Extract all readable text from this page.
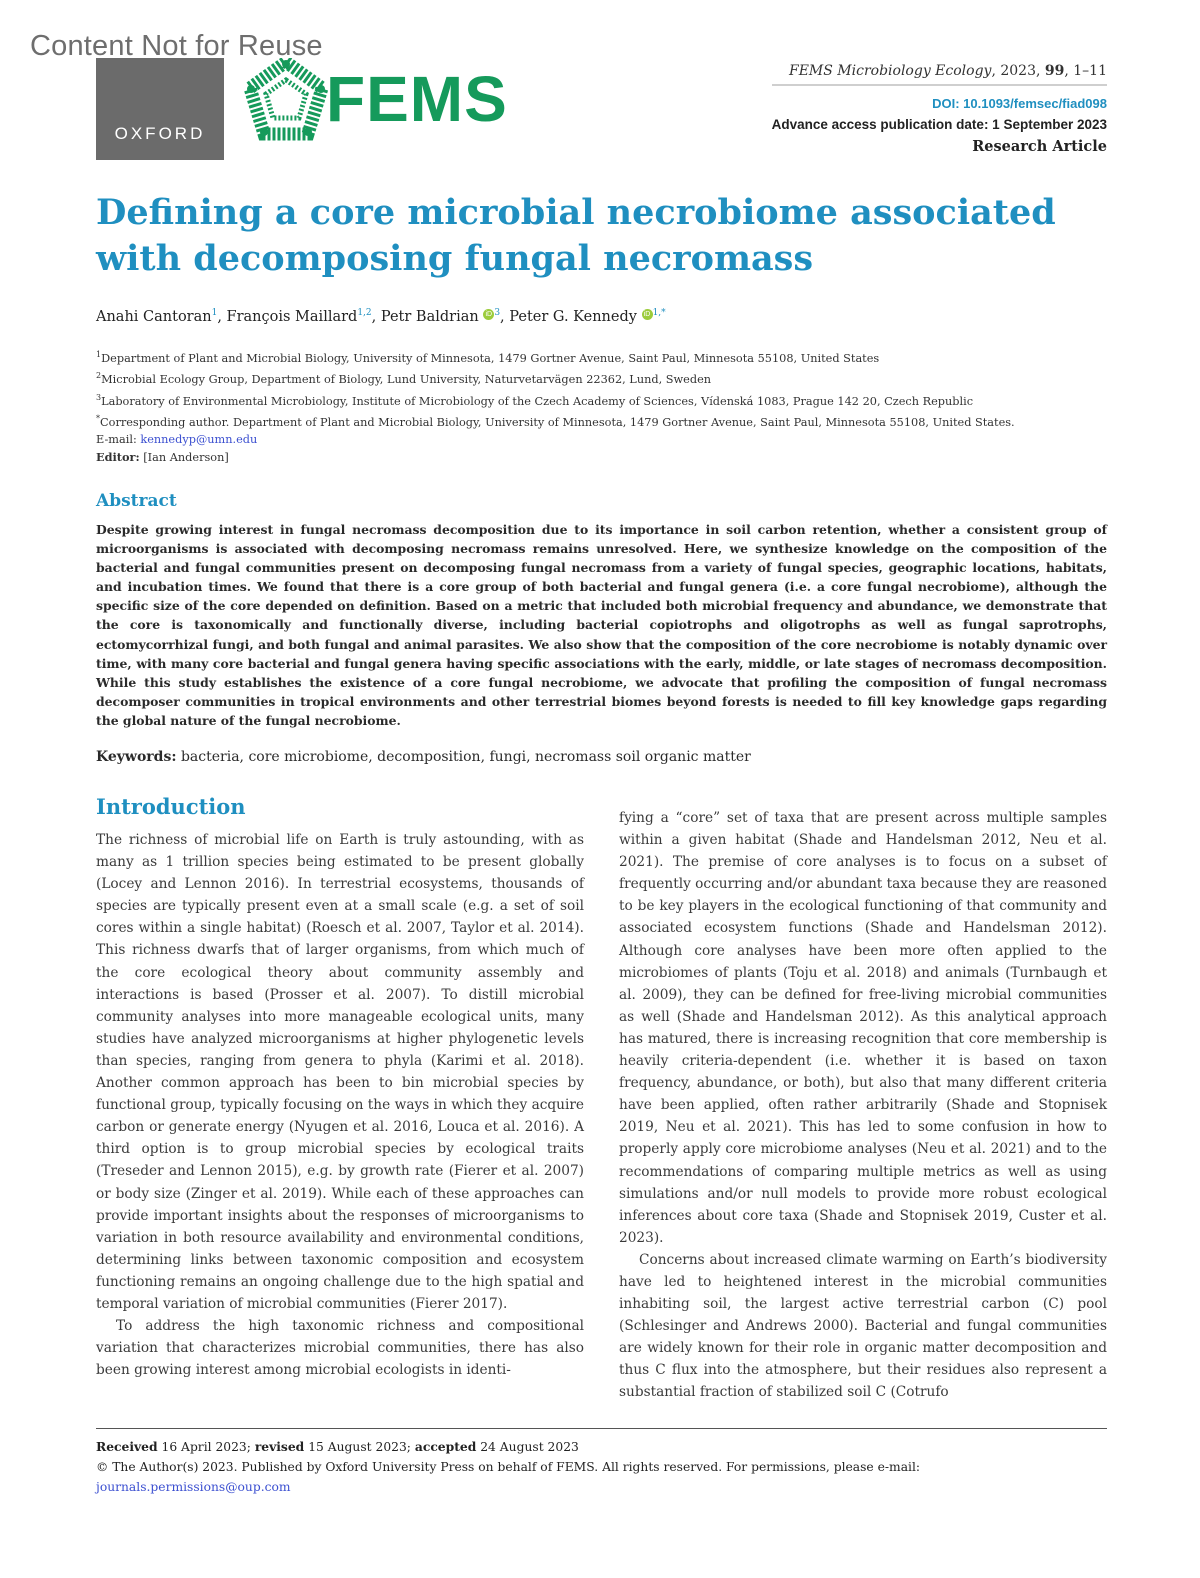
Content Not for Reuse
OXFORD FEMS	FEMS Microbiology Ecology, 2023, 99, 1–11
DOI: 10.1093/femsec/fiad098
Advance access publication date: 1 September 2023
Research Article
Defining a core microbial necrobiome associated with decomposing fungal necromass
Anahi Cantoran$^1$, François Maillard$^{1,2}$, Petr Baldrian iD $^3$, Peter G. Kennedy iD $^{1,*}$
$^1$Department of Plant and Microbial Biology, University of Minnesota, 1479 Gortner Avenue, Saint Paul, Minnesota 55108, United States
$^2$Microbial Ecology Group, Department of Biology, Lund University, Naturvetarvägen 22362, Lund, Sweden
$^3$Laboratory of Environmental Microbiology, Institute of Microbiology of the Czech Academy of Sciences, Vídenská 1083, Prague 142 20, Czech Republic
*Corresponding author. Department of Plant and Microbial Biology, University of Minnesota, 1479 Gortner Avenue, Saint Paul, Minnesota 55108, United States.
E-mail: kennedyp@umn.edu
Editor: [Ian Anderson]
Abstract

Despite growing interest in fungal necromass decomposition due to its importance in soil carbon retention, whether a consistent group of microorganisms is associated with decomposing necromass remains unresolved. Here, we synthesize knowledge on the composition of the bacterial and fungal communities present on decomposing fungal necromass from a variety of fungal species, geographic locations, habitats, and incubation times. We found that there is a core group of both bacterial and fungal genera (i.e. a core fungal necrobiome), although the specific size of the core depended on definition. Based on a metric that included both microbial frequency and abundance, we demonstrate that the core is taxonomically and functionally diverse, including bacterial copiotrophs and oligotrophs as well as fungal saprotrophs, ectomycorrhizal fungi, and both fungal and animal parasites. We also show that the composition of the core necrobiome is notably dynamic over time, with many core bacterial and fungal genera having specific associations with the early, middle, or late stages of necromass decomposition. While this study establishes the existence of a core fungal necrobiome, we advocate that profiling the composition of fungal necromass decomposer communities in tropical environments and other terrestrial biomes beyond forests is needed to fill key knowledge gaps regarding the global nature of the fungal necrobiome.

Keywords: bacteria, core microbiome, decomposition, fungi, necromass soil organic matter
Introduction

The richness of microbial life on Earth is truly astounding, with as many as 1 trillion species being estimated to be present globally (Locey and Lennon 2016). In terrestrial ecosystems, thousands of species are typically present even at a small scale (e.g. a set of soil cores within a single habitat) (Roesch et al. 2007, Taylor et al. 2014). This richness dwarfs that of larger organisms, from which much of the core ecological theory about community assembly and interactions is based (Prosser et al. 2007). To distill microbial community analyses into more manageable ecological units, many studies have analyzed microorganisms at higher phylogenetic levels than species, ranging from genera to phyla (Karimi et al. 2018). Another common approach has been to bin microbial species by functional group, typically focusing on the ways in which they acquire carbon or generate energy (Nyugen et al. 2016, Louca et al. 2016). A third option is to group microbial species by ecological traits (Treseder and Lennon 2015), e.g. by growth rate (Fierer et al. 2007) or body size (Zinger et al. 2019). While each of these approaches can provide important insights about the responses of microorganisms to variation in both resource availability and environmental conditions, determining links between taxonomic composition and ecosystem functioning remains an ongoing challenge due to the high spatial and temporal variation of microbial communities (Fierer 2017).

To address the high taxonomic richness and compositional variation that characterizes microbial communities, there has also been growing interest among microbial ecologists in identi-

fying a “core” set of taxa that are present across multiple samples within a given habitat (Shade and Handelsman 2012, Neu et al. 2021). The premise of core analyses is to focus on a subset of frequently occurring and/or abundant taxa because they are reasoned to be key players in the ecological functioning of that community and associated ecosystem functions (Shade and Handelsman 2012). Although core analyses have been more often applied to the microbiomes of plants (Toju et al. 2018) and animals (Turnbaugh et al. 2009), they can be defined for free-living microbial communities as well (Shade and Handelsman 2012). As this analytical approach has matured, there is increasing recognition that core membership is heavily criteria-dependent (i.e. whether it is based on taxon frequency, abundance, or both), but also that many different criteria have been applied, often rather arbitrarily (Shade and Stopnisek 2019, Neu et al. 2021). This has led to some confusion in how to properly apply core microbiome analyses (Neu et al. 2021) and to the recommendations of comparing multiple metrics as well as using simulations and/or null models to provide more robust ecological inferences about core taxa (Shade and Stopnisek 2019, Custer et al. 2023).

Concerns about increased climate warming on Earth’s biodiversity have led to heightened interest in the microbial communities inhabiting soil, the largest active terrestrial carbon (C) pool (Schlesinger and Andrews 2000). Bacterial and fungal communities are widely known for their role in organic matter decomposition and thus C flux into the atmosphere, but their residues also represent a substantial fraction of stabilized soil C (Cotrufo

Received 16 April 2023; revised 15 August 2023; accepted 24 August 2023
© The Author(s) 2023. Published by Oxford University Press on behalf of FEMS. All rights reserved. For permissions, please e-mail:
journals.permissions@oup.com
